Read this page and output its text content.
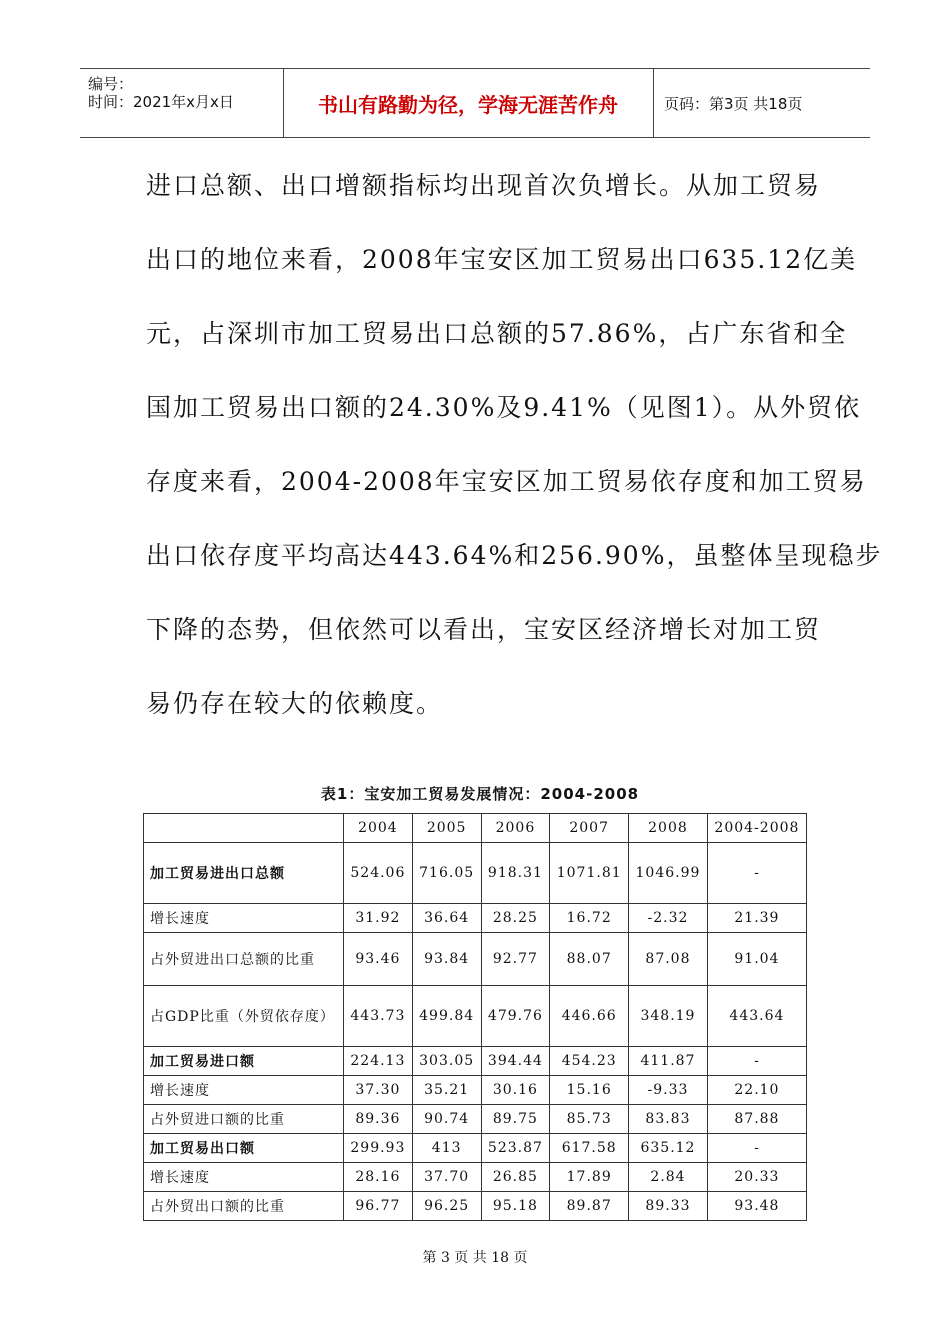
编号：
时间：2021年x月x日	书山有路勤为径，学海无涯苦作舟	页码：第3页 共18页
进口总额、出口增额指标均出现首次负增长。从加工贸易
出口的地位来看，2008年宝安区加工贸易出口635.12亿美
元，占深圳市加工贸易出口总额的57.86%，占广东省和全
国加工贸易出口额的24.30%及9.41%（见图1）。从外贸依
存度来看，2004-2008年宝安区加工贸易依存度和加工贸易
出口依存度平均高达443.64%和256.90%，虽整体呈现稳步
下降的态势，但依然可以看出，宝安区经济增长对加工贸
易仍存在较大的依赖度。
表1：宝安加工贸易发展情况：2004-2008
	2004	2005	2006	2007	2008	2004-2008
加工贸易进出口总额	524.06	716.05	918.31	1071.81	1046.99	-
增长速度	31.92	36.64	28.25	16.72	-2.32	21.39
占外贸进出口总额的比重	93.46	93.84	92.77	88.07	87.08	91.04
占GDP比重（外贸依存度）	443.73	499.84	479.76	446.66	348.19	443.64
加工贸易进口额	224.13	303.05	394.44	454.23	411.87	-
增长速度	37.30	35.21	30.16	15.16	-9.33	22.10
占外贸进口额的比重	89.36	90.74	89.75	85.73	83.83	87.88
加工贸易出口额	299.93	413	523.87	617.58	635.12	-
增长速度	28.16	37.70	26.85	17.89	2.84	20.33
占外贸出口额的比重	96.77	96.25	95.18	89.87	89.33	93.48
第 3 页 共 18 页
